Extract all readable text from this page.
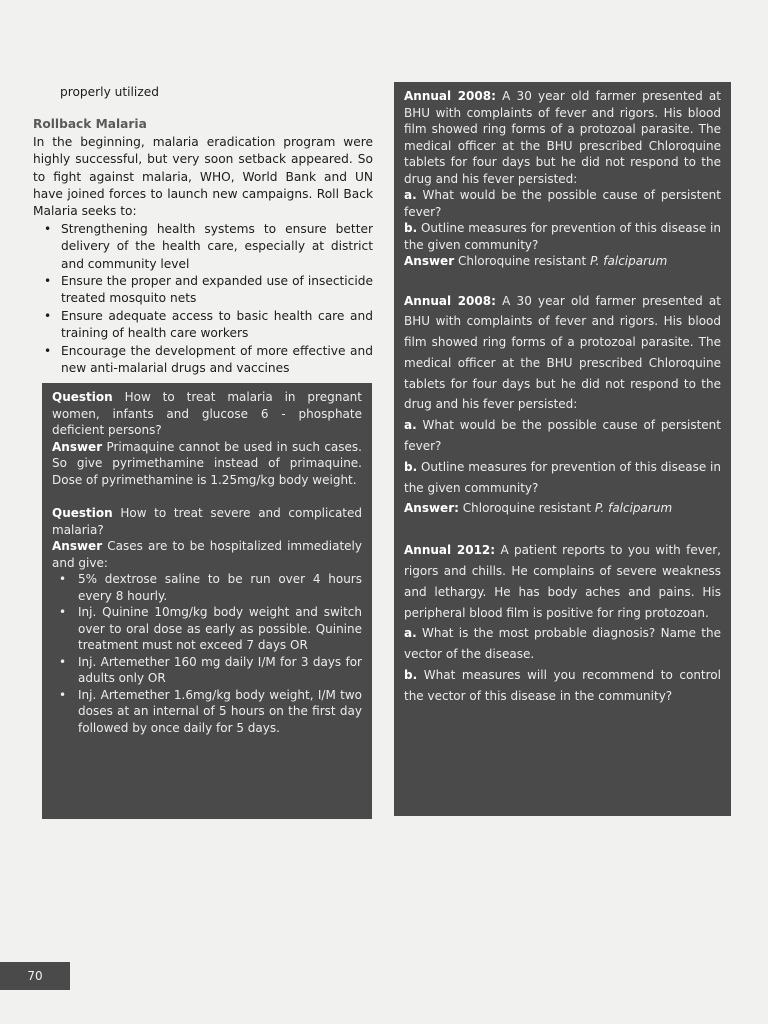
properly utilized

Rollback Malaria

In the beginning, malaria eradication program were highly successful, but very soon setback appeared. So to fight against malaria, WHO, World Bank and UN have joined forces to launch new campaigns. Roll Back Malaria seeks to:

• Strengthening health systems to ensure better delivery of the health care, especially at district and community level
• Ensure the proper and expanded use of insecticide treated mosquito nets
• Ensure adequate access to basic health care and training of health care workers
• Encourage the development of more effective and new anti-malarial drugs and vaccines

Question How to treat malaria in pregnant women, infants and glucose 6 - phosphate deficient persons?

Answer Primaquine cannot be used in such cases. So give pyrimethamine instead of primaquine. Dose of pyrimethamine is 1.25mg/kg body weight.

Question How to treat severe and complicated malaria?

Answer Cases are to be hospitalized immediately and give:

• 5% dextrose saline to be run over 4 hours every 8 hourly.
• Inj. Quinine 10mg/kg body weight and switch over to oral dose as early as possible. Quinine treatment must not exceed 7 days OR
• Inj. Artemether 160 mg daily I/M for 3 days for adults only OR
• Inj. Artemether 1.6mg/kg body weight, I/M two doses at an internal of 5 hours on the first day followed by once daily for 5 days.

Annual 2008: A 30 year old farmer presented at BHU with complaints of fever and rigors. His blood film showed ring forms of a protozoal parasite. The medical officer at the BHU prescribed Chloroquine tablets for four days but he did not respond to the drug and his fever persisted:

a. What would be the possible cause of persistent fever?

b. Outline measures for prevention of this disease in the given community?

Answer Chloroquine resistant P. falciparum

Annual 2008: A 30 year old farmer presented at BHU with complaints of fever and rigors. His blood film showed ring forms of a protozoal parasite. The medical officer at the BHU prescribed Chloroquine tablets for four days but he did not respond to the drug and his fever persisted:

a. What would be the possible cause of persistent fever?

b. Outline measures for prevention of this disease in the given community?

Answer: Chloroquine resistant P. falciparum

Annual 2012: A patient reports to you with fever, rigors and chills. He complains of severe weakness and lethargy. He has body aches and pains. His peripheral blood film is positive for ring protozoan.

a. What is the most probable diagnosis? Name the vector of the disease.

b. What measures will you recommend to control the vector of this disease in the community?

70
